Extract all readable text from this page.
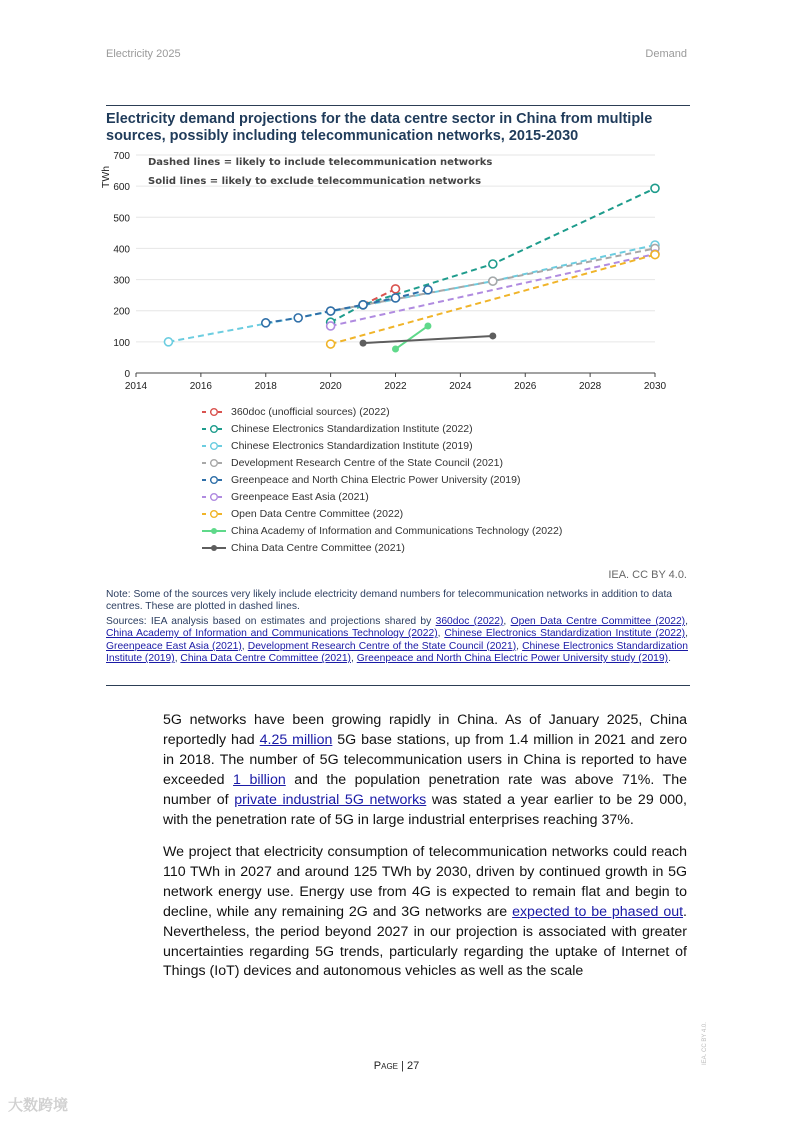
Electricity 2025	Demand
Electricity demand projections for the data centre sector in China from multiple sources, possibly including telecommunication networks, 2015-2030
0
100
200
300
400
500
600
700
2014	2016	2018	2020	2022	2024	2026	2028	2030
TWh
Dashed lines = likely to include telecommunication networks
Solid lines = likely to exclude telecommunication networks
360doc (unofficial sources) (2022)
Chinese Electronics Standardization Institute (2022)
Chinese Electronics Standardization Institute (2019)
Development Research Centre of the State Council (2021)
Greenpeace and North China Electric Power University (2019)
Greenpeace East Asia (2021)
Open Data Centre Committee (2022)
China Academy of Information and Communications Technology (2022)
China Data Centre Committee (2021)
IEA. CC BY 4.0.
Note: Some of the sources very likely include electricity demand numbers for telecommunication networks in addition to data centres. These are plotted in dashed lines.
Sources: IEA analysis based on estimates and projections shared by 360doc (2022), Open Data Centre Committee (2022), China Academy of Information and Communications Technology (2022), Chinese Electronics Standardization Institute (2022), Greenpeace East Asia (2021), Development Research Centre of the State Council (2021), Chinese Electronics Standardization Institute (2019), China Data Centre Committee (2021), Greenpeace and North China Electric Power University study (2019).
5G networks have been growing rapidly in China. As of January 2025, China reportedly had 4.25 million 5G base stations, up from 1.4 million in 2021 and zero in 2018. The number of 5G telecommunication users in China is reported to have exceeded 1 billion and the population penetration rate was above 71%. The number of private industrial 5G networks was stated a year earlier to be 29 000, with the penetration rate of 5G in large industrial enterprises reaching 37%.
We project that electricity consumption of telecommunication networks could reach 110 TWh in 2027 and around 125 TWh by 2030, driven by continued growth in 5G network energy use. Energy use from 4G is expected to remain flat and begin to decline, while any remaining 2G and 3G networks are expected to be phased out. Nevertheless, the period beyond 2027 in our projection is associated with greater uncertainties regarding 5G trends, particularly regarding the uptake of Internet of Things (IoT) devices and autonomous vehicles as well as the scale
Page | 27
IEA. CC BY 4.0.
大数跨境
